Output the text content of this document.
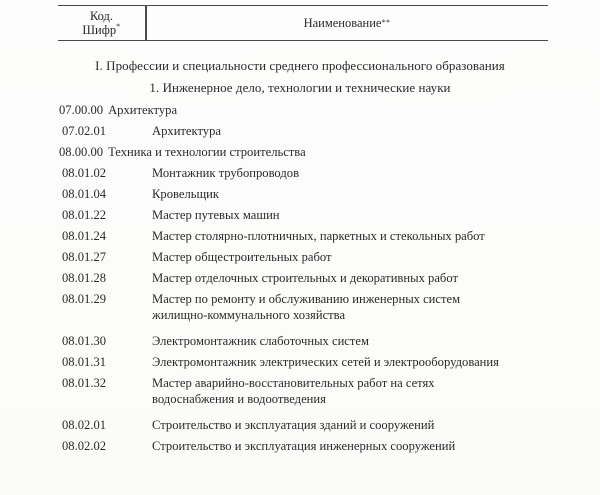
Код.
Шифр*	Наименование **
I. Профессии и специальности среднего профессионального образования
1. Инженерное дело, технологии и технические науки
07.00.00 Архитектура
07.02.01	Архитектура
08.00.00 Техника и технологии строительства
08.01.02	Монтажник трубопроводов
08.01.04	Кровельщик
08.01.22	Мастер путевых машин
08.01.24	Мастер столярно-плотничных, паркетных и стекольных работ
08.01.27	Мастер общестроительных работ
08.01.28	Мастер отделочных строительных и декоративных работ
08.01.29	Мастер по ремонту и обслуживанию инженерных систем
жилищно-коммунального хозяйства
08.01.30	Электромонтажник слаботочных систем
08.01.31	Электромонтажник электрических сетей и электрооборудования
08.01.32	Мастер аварийно-восстановительных работ на сетях
водоснабжения и водоотведения
08.02.01	Строительство и эксплуатация зданий и сооружений
08.02.02	Строительство и эксплуатация инженерных сооружений
